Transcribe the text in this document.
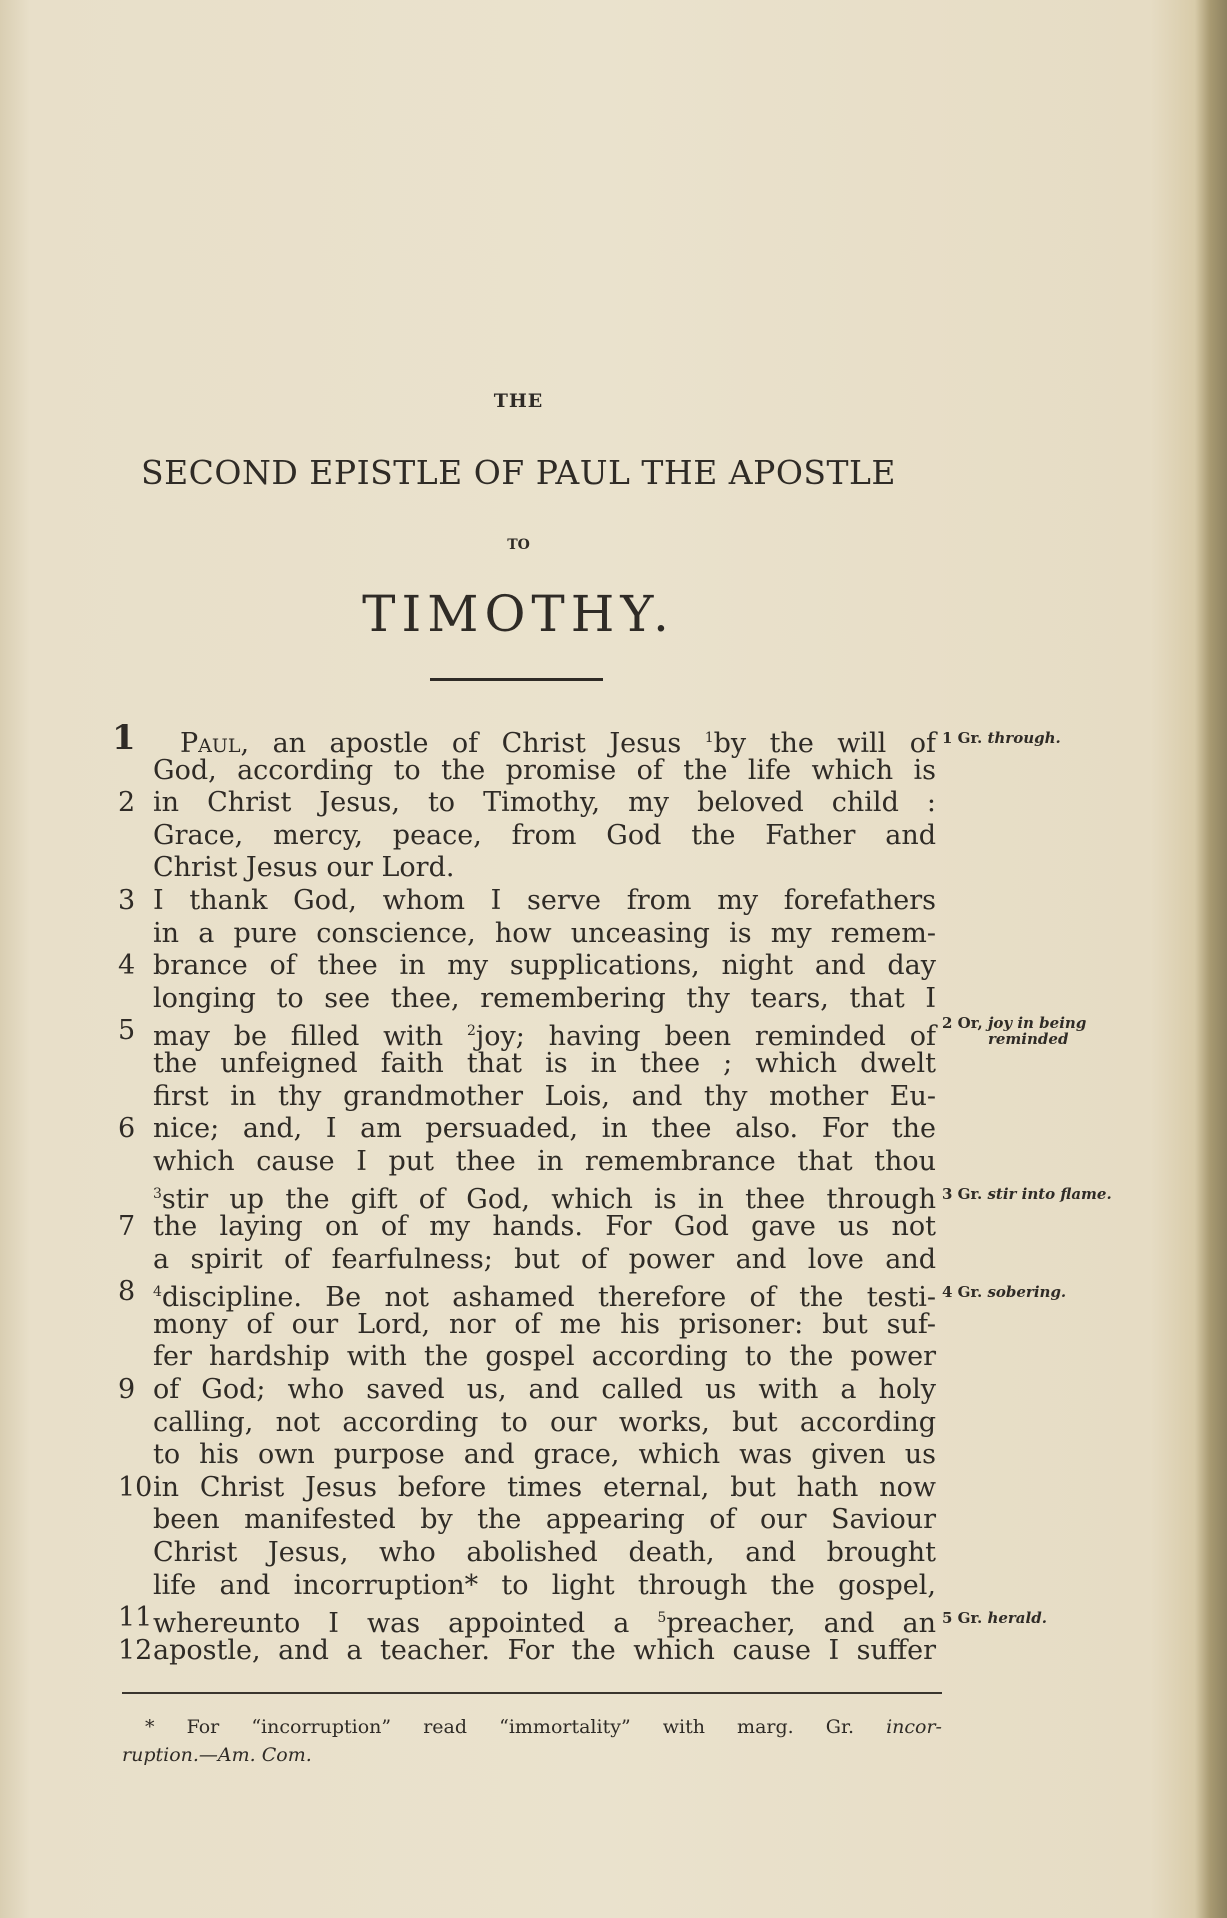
THE
SECOND EPISTLE OF PAUL THE APOSTLE
TO
TIMOTHY.
1	Paul, an apostle of Christ Jesus $^1$by the will of
God, according to the promise of the life which is
2 in Christ Jesus, to Timothy, my beloved child :
Grace, mercy, peace, from God the Father and
Christ Jesus our Lord.
3 I thank God, whom I serve from my forefathers
in a pure conscience, how unceasing is my remem-
4 brance of thee in my supplications, night and day
longing to see thee, remembering thy tears, that I
5 may be filled with $^2$joy; having been reminded of
the unfeigned faith that is in thee ; which dwelt
first in thy grandmother Lois, and thy mother Eu-
6 nice; and, I am persuaded, in thee also. For the
which cause I put thee in remembrance that thou
$^3$stir up the gift of God, which is in thee through
7 the laying on of my hands. For God gave us not
a spirit of fearfulness; but of power and love and
8	$^4$discipline. Be not ashamed therefore of the testi-
mony of our Lord, nor of me his prisoner: but suf-
fer hardship with the gospel according to the power
9 of God; who saved us, and called us with a holy
calling, not according to our works, but according
to his own purpose and grace, which was given us
10 in Christ Jesus before times eternal, but hath now
been manifested by the appearing of our Saviour
Christ Jesus, who abolished death, and brought
life and incorruption* to light through the gospel,
11 whereunto I was appointed a $^5$preacher, and an
12 apostle, and a teacher. For the which cause I suffer
1 Gr. through.
2 Or, joy in being reminded
3 Gr. stir into flame.
4 Gr. sobering.
5 Gr. herald.
* For “incorruption” read “immortality” with marg. Gr. incor-
ruption.—Am. Com.
